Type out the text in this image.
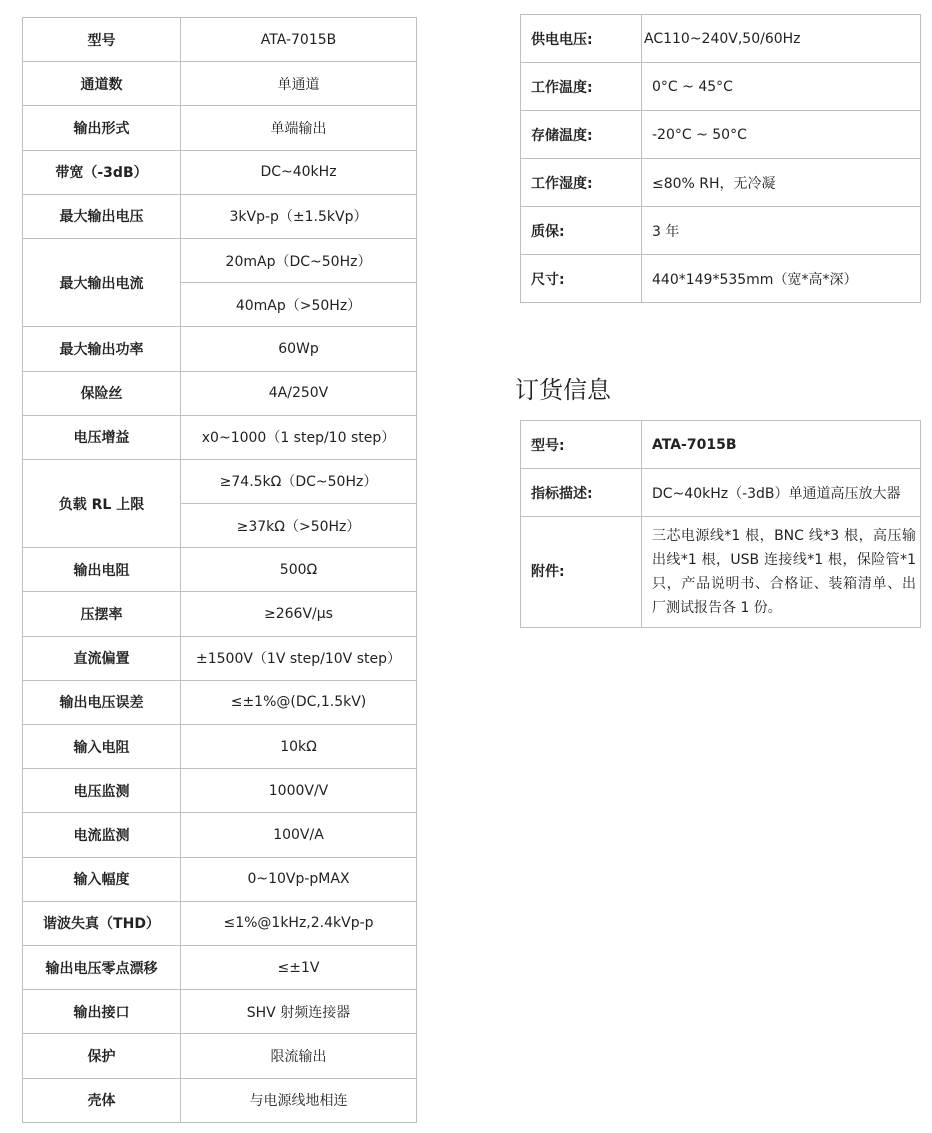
型号	ATA-7015B
通道数	单通道
输出形式	单端输出
带宽（-3dB）	DC~40kHz
最大输出电压	3kVp-p（±1.5kVp）
最大输出电流	20mAp（DC~50Hz）
	40mAp（>50Hz）
最大输出功率	60Wp
保险丝	4A/250V
电压增益	x0~1000（1 step/10 step）
负载 RL 上限	≥74.5kΩ（DC~50Hz）
	≥37kΩ（>50Hz）
输出电阻	500Ω
压摆率	≥266V/μs
直流偏置	±1500V（1V step/10V step）
输出电压误差	≤±1%@(DC,1.5kV)
输入电阻	10kΩ
电压监测	1000V/V
电流监测	100V/A
输入幅度	0~10Vp-pMAX
谐波失真（THD）	≤1%@1kHz,2.4kVp-p
输出电压零点漂移	≤±1V
输出接口	SHV 射频连接器
保护	限流输出
壳体	与电源线地相连
供电电压:	AC110~240V,50/60Hz
工作温度:	0°C ~ 45°C
存储温度:	-20°C ~ 50°C
工作湿度:	≤80% RH，无冷凝
质保:	3 年
尺寸:	440*149*535mm（宽*高*深）
订货信息
型号:	ATA-7015B
指标描述:	DC~40kHz（-3dB）单通道高压放大器
附件:	三芯电源线*1 根，BNC 线*3 根，高压输出线*1 根，USB 连接线*1 根，保险管*1 只，产品说明书、合格证、装箱清单、出厂测试报告各 1 份。
